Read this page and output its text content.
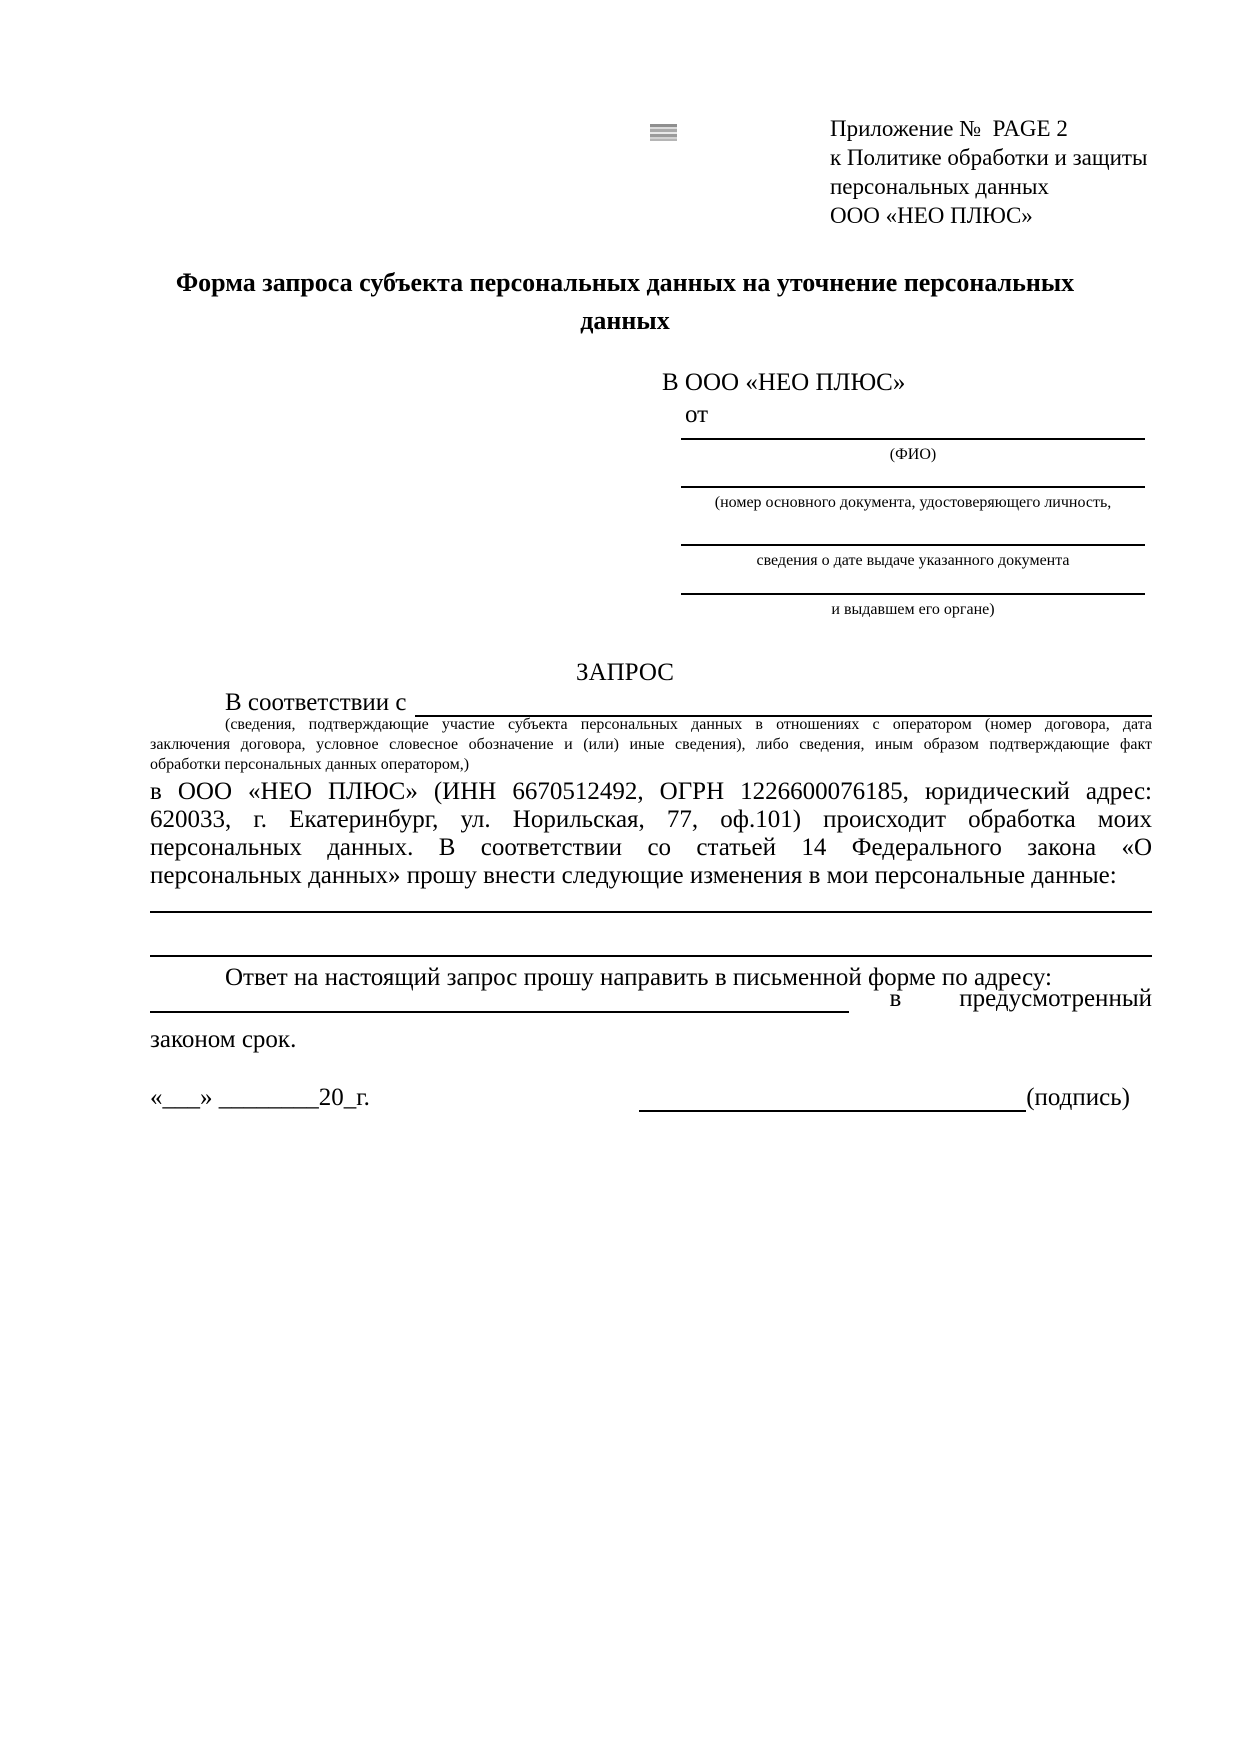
Приложение №  PAGE 2
к Политике обработки и защиты
персональных данных
ООО «НЕО ПЛЮС»
Форма запроса субъекта персональных данных на уточнение персональных данных
В ООО «НЕО ПЛЮС»
от
(ФИО)
(номер основного документа, удостоверяющего личность,
сведения о дате выдаче указанного документа
и выдавшем его органе)
ЗАПРОС
В соответствии с
(сведения, подтверждающие участие субъекта персональных данных в отношениях с оператором (номер договора, дата
заключения договора, условное словесное обозначение и (или) иные сведения), либо сведения, иным образом подтверждающие факт
обработки персональных данных оператором,)
в ООО «НЕО ПЛЮС» (ИНН 6670512492, ОГРН 1226600076185, юридический адрес:
620033, г. Екатеринбург, ул. Норильская, 77, оф.101) происходит обработка моих
персональных данных. В соответствии со статьей 14 Федерального закона «О
персональных данных» прошу внести следующие изменения в мои персональные данные:
Ответ на настоящий запрос прошу направить в письменной форме по адресу:
в предусмотренный
законом срок.
«___» ________20_г.	(подпись)
